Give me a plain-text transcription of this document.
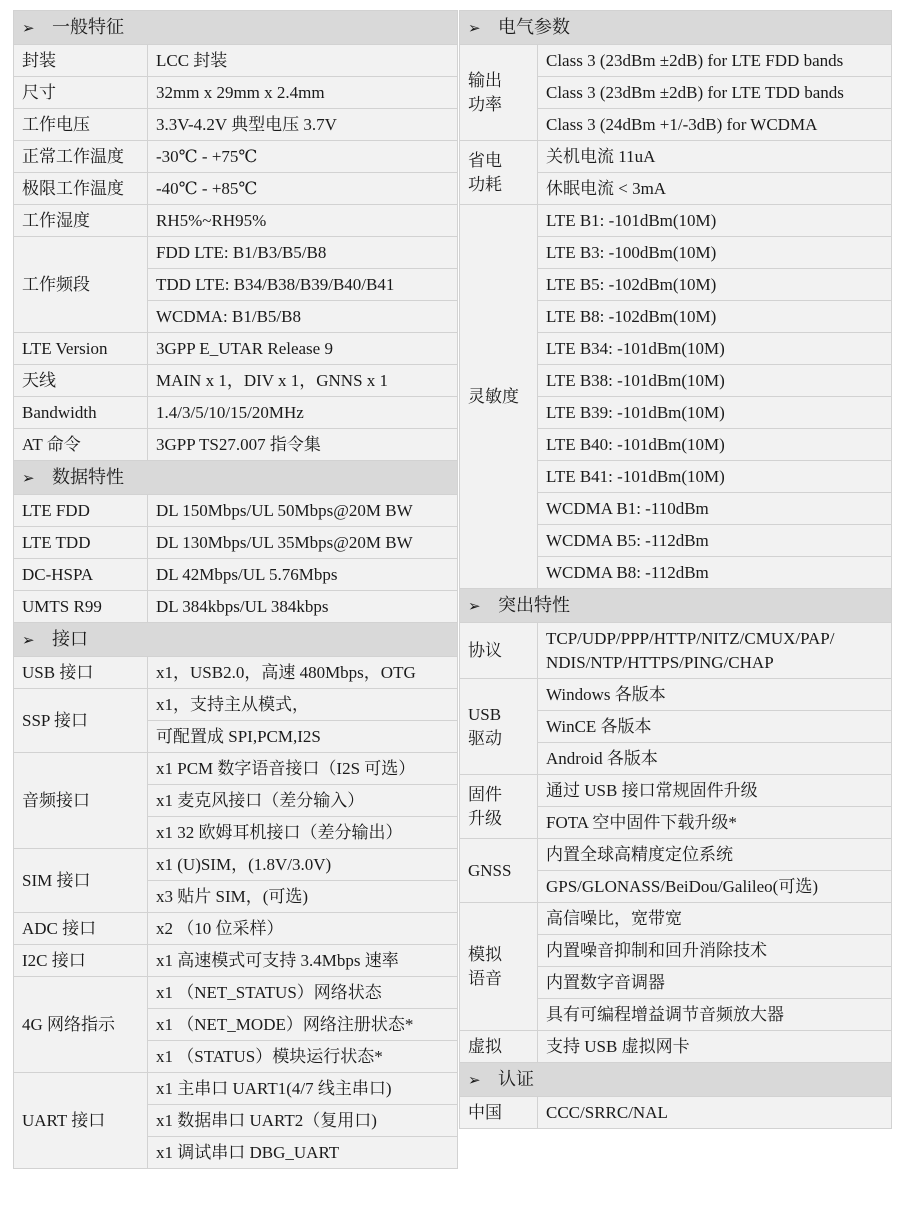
➢ 一般特征	
封装	LCC 封装
尺寸	32mm x 29mm x 2.4mm
工作电压	3.3V-4.2V 典型电压 3.7V
正常工作温度	-30℃ - +75℃
极限工作温度	-40℃ - +85℃
工作湿度	RH5%~RH95%
工作频段	FDD LTE: B1/B3/B5/B8
	TDD LTE: B34/B38/B39/B40/B41
	WCDMA: B1/B5/B8
LTE Version	3GPP E_UTAR Release 9
天线	MAIN x 1，DIV x 1，GNNS x 1
Bandwidth	1.4/3/5/10/15/20MHz
AT 命令	3GPP TS27.007 指令集
➢ 数据特性	
LTE FDD	DL 150Mbps/UL 50Mbps@20M BW
LTE TDD	DL 130Mbps/UL 35Mbps@20M BW
DC-HSPA	DL 42Mbps/UL 5.76Mbps
UMTS R99	DL 384kbps/UL 384kbps
➢ 接口	
USB 接口	x1，USB2.0，高速 480Mbps，OTG
SSP 接口	x1，支持主从模式，
	可配置成 SPI,PCM,I2S
音频接口	x1 PCM 数字语音接口（I2S 可选）
	x1 麦克风接口（差分输入）
	x1 32 欧姆耳机接口（差分输出）
SIM 接口	x1 (U)SIM，(1.8V/3.0V)
	x3 贴片 SIM，(可选)
ADC 接口	x2 （10 位采样）
I2C 接口	x1 高速模式可支持 3.4Mbps 速率
4G 网络指示	x1 （NET_STATUS）网络状态
	x1 （NET_MODE）网络注册状态*
	x1 （STATUS）模块运行状态*
UART 接口	x1 主串口 UART1(4/7 线主串口)
	x1 数据串口 UART2（复用口)
	x1 调试串口 DBG_UART
➢ 电气参数	
输出
功率	Class 3 (23dBm ±2dB) for LTE FDD bands
	Class 3 (23dBm ±2dB) for LTE TDD bands
	Class 3 (24dBm +1/-3dB) for WCDMA
省电
功耗	关机电流 11uA
	休眠电流 < 3mA
灵敏度	LTE B1: -101dBm(10M)
	LTE B3: -100dBm(10M)
	LTE B5: -102dBm(10M)
	LTE B8: -102dBm(10M)
	LTE B34: -101dBm(10M)
	LTE B38: -101dBm(10M)
	LTE B39: -101dBm(10M)
	LTE B40: -101dBm(10M)
	LTE B41: -101dBm(10M)
	WCDMA B1: -110dBm
	WCDMA B5: -112dBm
	WCDMA B8: -112dBm
➢ 突出特性	
协议	TCP/UDP/PPP/HTTP/NITZ/CMUX/PAP/
NDIS/NTP/HTTPS/PING/CHAP
USB
驱动	Windows 各版本
	WinCE 各版本
	Android 各版本
固件
升级	通过 USB 接口常规固件升级
	FOTA 空中固件下载升级*
GNSS	内置全球高精度定位系统
	GPS/GLONASS/BeiDou/Galileo(可选)
模拟
语音	高信噪比，宽带宽
	内置噪音抑制和回升消除技术
	内置数字音调器
	具有可编程增益调节音频放大器
虚拟	支持 USB 虚拟网卡
➢ 认证	
中国	CCC/SRRC/NAL
